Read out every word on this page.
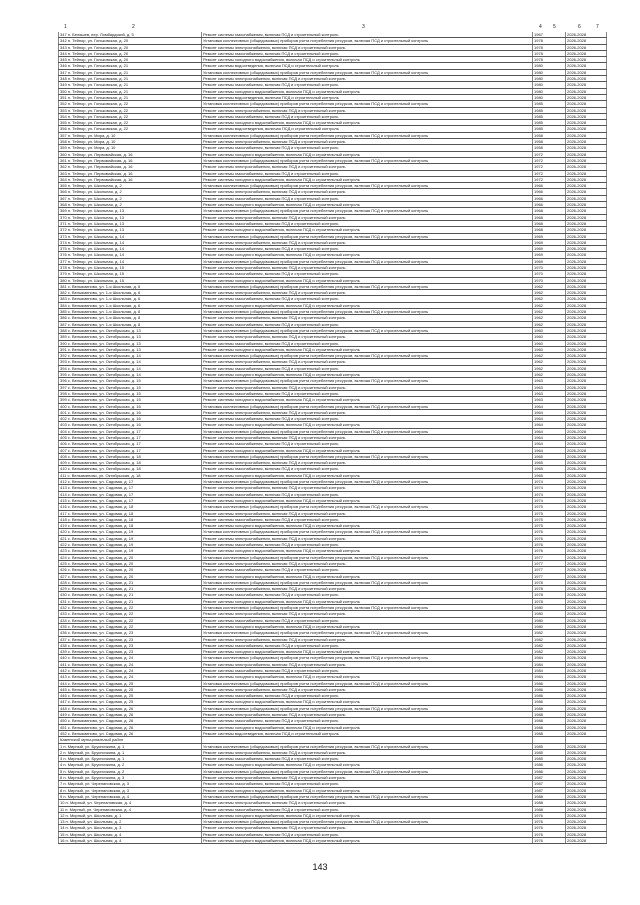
1	2	3	4 5	6	7
347 п. Беляшев, пер. Ломбардский, д. 5	Ремонт системы газоснабжения, включая ПСД и строительный контроль	1967	2026-2028
342 п. Тейпор, ул. Гоньковская, д. 20	Установка коллективных (общедомовых) приборов учета потребления ресурсов, включая ПСД и строительный контроль	1978	2026-2028
343 п. Тейпор, ул. Гоньковская, д. 20	Ремонт системы электроснабжения, включая ПСД и строительный контроль	1978	2026-2028
344 п. Тейпор, ул. Гоньковская, д. 20	Ремонт системы газоснабжения, включая ПСД и строительный контроль	1978	2026-2028
345 п. Тейпор, ул. Гоньковская, д. 20	Ремонт системы холодного водоснабжения, включая ПСД и строительный контроль	1978	2026-2028
346 п. Тейпор, ул. Гоньковская, д. 21	Ремонт системы водоотведения, включая ПСД и строительный контроль	1980	2026-2028
347 п. Тейпор, ул. Гоньковская, д. 21	Установка коллективных (общедомовых) приборов учета потребления ресурсов, включая ПСД и строительный контроль	1980	2026-2028
348 п. Тейпор, ул. Гоньковская, д. 21	Ремонт системы электроснабжения, включая ПСД и строительный контроль	1980	2026-2028
349 п. Тейпор, ул. Гоньковская, д. 21	Ремонт системы газоснабжения, включая ПСД и строительный контроль	1980	2026-2028
350 п. Тейпор, ул. Гоньковская, д. 21	Ремонт системы холодного водоснабжения, включая ПСД и строительный контроль	1980	2026-2028
351 п. Тейпор, ул. Гоньковская, д. 21	Ремонт системы водоотведения, включая ПСД и строительный контроль	1980	2026-2028
352 п. Тейпор, ул. Гоньковская, д. 22	Установка коллективных (общедомовых) приборов учета потребления ресурсов, включая ПСД и строительный контроль	1985	2026-2028
353 п. Тейпор, ул. Гоньковская, д. 22	Ремонт системы электроснабжения, включая ПСД и строительный контроль	1985	2026-2028
354 п. Тейпор, ул. Гоньковская, д. 22	Ремонт системы газоснабжения, включая ПСД и строительный контроль	1985	2026-2028
355 п. Тейпор, ул. Гоньковская, д. 22	Ремонт системы холодного водоснабжения, включая ПСД и строительный контроль	1985	2026-2028
356 п. Тейпор, ул. Гоньковская, д. 22	Ремонт системы водоотведения, включая ПСД и строительный контроль	1985	2026-2028
357 п. Тейпор, ул. Мира, д. 10	Установка коллективных (общедомовых) приборов учета потребления ресурсов, включая ПСД и строительный контроль	1958	2026-2028
358 п. Тейпор, ул. Мира, д. 10	Ремонт системы электроснабжения, включая ПСД и строительный контроль	1958	2026-2028
359 п. Тейпор, ул. Мира, д. 10	Ремонт системы газоснабжения, включая ПСД и строительный контроль	1958	2026-2028
360 п. Тейпор, ул. Первомайская, д. 16	Ремонт системы холодного водоснабжения, включая ПСД и строительный контроль	1972	2026-2028
361 п. Тейпор, ул. Первомайская, д. 16	Установка коллективных (общедомовых) приборов учета потребления ресурсов, включая ПСД и строительный контроль	1972	2026-2028
362 п. Тейпор, ул. Первомайская, д. 16	Ремонт системы электроснабжения, включая ПСД и строительный контроль	1972	2026-2028
363 п. Тейпор, ул. Первомайская, д. 16	Ремонт системы газоснабжения, включая ПСД и строительный контроль	1972	2026-2028
364 п. Тейпор, ул. Первомайская, д. 16	Ремонт системы холодного водоснабжения, включая ПСД и строительный контроль	1972	2026-2028
365 п. Тейпор, ул. Школьная, д. 2	Установка коллективных (общедомовых) приборов учета потребления ресурсов, включая ПСД и строительный контроль	1966	2026-2028
366 п. Тейпор, ул. Школьная, д. 2	Ремонт системы электроснабжения, включая ПСД и строительный контроль	1966	2026-2028
367 п. Тейпор, ул. Школьная, д. 2	Ремонт системы газоснабжения, включая ПСД и строительный контроль	1966	2026-2028
368 п. Тейпор, ул. Школьная, д. 2	Ремонт системы холодного водоснабжения, включая ПСД и строительный контроль	1966	2026-2028
369 п. Тейпор, ул. Школьная, д. 13	Установка коллективных (общедомовых) приборов учета потребления ресурсов, включая ПСД и строительный контроль	1968	2026-2028
370 п. Тейпор, ул. Школьная, д. 13	Ремонт системы электроснабжения, включая ПСД и строительный контроль	1968	2026-2028
371 п. Тейпор, ул. Школьная, д. 13	Ремонт системы газоснабжения, включая ПСД и строительный контроль	1968	2026-2028
372 п. Тейпор, ул. Школьная, д. 13	Ремонт системы холодного водоснабжения, включая ПСД и строительный контроль	1968	2026-2028
373 п. Тейпор, ул. Школьная, д. 14	Установка коллективных (общедомовых) приборов учета потребления ресурсов, включая ПСД и строительный контроль	1969	2026-2028
374 п. Тейпор, ул. Школьная, д. 14	Ремонт системы электроснабжения, включая ПСД и строительный контроль	1969	2026-2028
375 п. Тейпор, ул. Школьная, д. 14	Ремонт системы газоснабжения, включая ПСД и строительный контроль	1969	2026-2028
376 п. Тейпор, ул. Школьная, д. 14	Ремонт системы холодного водоснабжения, включая ПСД и строительный контроль	1969	2026-2028
377 п. Тейпор, ул. Школьная, д. 14	Установка коллективных (общедомовых) приборов учета потребления ресурсов, включая ПСД и строительный контроль	1969	2026-2028
378 п. Тейпор, ул. Школьная, д. 15	Ремонт системы электроснабжения, включая ПСД и строительный контроль	1970	2026-2028
379 п. Тейпор, ул. Школьная, д. 15	Ремонт системы газоснабжения, включая ПСД и строительный контроль	1970	2026-2028
380 п. Тейпор, ул. Школьная, д. 15	Ремонт системы холодного водоснабжения, включая ПСД и строительный контроль	1970	2026-2028
381 с. Вельяминово, ул. 1-я Школьная, д. 6	Установка коллективных (общедомовых) приборов учета потребления ресурсов, включая ПСД и строительный контроль	1962	2026-2028
382 с. Вельяминово, ул. 1-я Школьная, д. 6	Ремонт системы электроснабжения, включая ПСД и строительный контроль	1962	2026-2028
383 с. Вельяминово, ул. 1-я Школьная, д. 6	Ремонт системы газоснабжения, включая ПСД и строительный контроль	1962	2026-2028
384 с. Вельяминово, ул. 1-я Школьная, д. 6	Ремонт системы холодного водоснабжения, включая ПСД и строительный контроль	1962	2026-2028
385 с. Вельяминово, ул. 1-я Школьная, д. 8	Установка коллективных (общедомовых) приборов учета потребления ресурсов, включая ПСД и строительный контроль	1962	2026-2028
386 с. Вельяминово, ул. 1-я Школьная, д. 8	Ремонт системы электроснабжения, включая ПСД и строительный контроль	1962	2026-2028
387 с. Вельяминово, ул. 1-я Школьная, д. 8	Ремонт системы газоснабжения, включая ПСД и строительный контроль	1962	2026-2028
388 с. Вельяминово, ул. Октябрьская, д. 13	Установка коллективных (общедомовых) приборов учета потребления ресурсов, включая ПСД и строительный контроль	1960	2026-2028
389 с. Вельяминово, ул. Октябрьская, д. 13	Ремонт системы электроснабжения, включая ПСД и строительный контроль	1960	2026-2028
390 с. Вельяминово, ул. Октябрьская, д. 13	Ремонт системы газоснабжения, включая ПСД и строительный контроль	1960	2026-2028
391 с. Вельяминово, ул. Октябрьская, д. 13	Ремонт системы холодного водоснабжения, включая ПСД и строительный контроль	1960	2026-2028
392 с. Вельяминово, ул. Октябрьская, д. 14	Установка коллективных (общедомовых) приборов учета потребления ресурсов, включая ПСД и строительный контроль	1962	2026-2028
393 с. Вельяминово, ул. Октябрьская, д. 14	Ремонт системы электроснабжения, включая ПСД и строительный контроль	1962	2026-2028
394 с. Вельяминово, ул. Октябрьская, д. 14	Ремонт системы газоснабжения, включая ПСД и строительный контроль	1962	2026-2028
395 с. Вельяминово, ул. Октябрьская, д. 14	Ремонт системы холодного водоснабжения, включая ПСД и строительный контроль	1962	2026-2028
396 с. Вельяминово, ул. Октябрьская, д. 15	Установка коллективных (общедомовых) приборов учета потребления ресурсов, включая ПСД и строительный контроль	1963	2026-2028
397 с. Вельяминово, ул. Октябрьская, д. 15	Ремонт системы электроснабжения, включая ПСД и строительный контроль	1963	2026-2028
398 с. Вельяминово, ул. Октябрьская, д. 15	Ремонт системы газоснабжения, включая ПСД и строительный контроль	1963	2026-2028
399 с. Вельяминово, ул. Октябрьская, д. 15	Ремонт системы холодного водоснабжения, включая ПСД и строительный контроль	1963	2026-2028
400 с. Вельяминово, ул. Октябрьская, д. 16	Установка коллективных (общедомовых) приборов учета потребления ресурсов, включая ПСД и строительный контроль	1964	2026-2028
401 с. Вельяминово, ул. Октябрьская, д. 16	Ремонт системы электроснабжения, включая ПСД и строительный контроль	1964	2026-2028
402 с. Вельяминово, ул. Октябрьская, д. 16	Ремонт системы газоснабжения, включая ПСД и строительный контроль	1964	2026-2028
403 с. Вельяминово, ул. Октябрьская, д. 16	Ремонт системы холодного водоснабжения, включая ПСД и строительный контроль	1964	2026-2028
404 с. Вельяминово, ул. Октябрьская, д. 17	Установка коллективных (общедомовых) приборов учета потребления ресурсов, включая ПСД и строительный контроль	1964	2026-2028
405 с. Вельяминово, ул. Октябрьская, д. 17	Ремонт системы электроснабжения, включая ПСД и строительный контроль	1964	2026-2028
406 с. Вельяминово, ул. Октябрьская, д. 17	Ремонт системы газоснабжения, включая ПСД и строительный контроль	1964	2026-2028
407 с. Вельяминово, ул. Октябрьская, д. 17	Ремонт системы холодного водоснабжения, включая ПСД и строительный контроль	1964	2026-2028
408 с. Вельяминово, ул. Октябрьская, д. 18	Установка коллективных (общедомовых) приборов учета потребления ресурсов, включая ПСД и строительный контроль	1965	2026-2028
409 с. Вельяминово, ул. Октябрьская, д. 18	Ремонт системы электроснабжения, включая ПСД и строительный контроль	1965	2026-2028
410 с. Вельяминово, ул. Октябрьская, д. 18	Ремонт системы газоснабжения, включая ПСД и строительный контроль	1965	2026-2028
411 с. Вельяминово, ул. Октябрьская, д. 18	Ремонт системы холодного водоснабжения, включая ПСД и строительный контроль	1965	2026-2028
412 с. Вельяминово, ул. Садовая, д. 17	Установка коллективных (общедомовых) приборов учета потребления ресурсов, включая ПСД и строительный контроль	1974	2026-2028
413 с. Вельяминово, ул. Садовая, д. 17	Ремонт системы электроснабжения, включая ПСД и строительный контроль	1974	2026-2028
414 с. Вельяминово, ул. Садовая, д. 17	Ремонт системы газоснабжения, включая ПСД и строительный контроль	1974	2026-2028
415 с. Вельяминово, ул. Садовая, д. 17	Ремонт системы холодного водоснабжения, включая ПСД и строительный контроль	1974	2026-2028
416 с. Вельяминово, ул. Садовая, д. 18	Установка коллективных (общедомовых) приборов учета потребления ресурсов, включая ПСД и строительный контроль	1975	2026-2028
417 с. Вельяминово, ул. Садовая, д. 18	Ремонт системы электроснабжения, включая ПСД и строительный контроль	1975	2026-2028
418 с. Вельяминово, ул. Садовая, д. 18	Ремонт системы газоснабжения, включая ПСД и строительный контроль	1975	2026-2028
419 с. Вельяминово, ул. Садовая, д. 18	Ремонт системы холодного водоснабжения, включая ПСД и строительный контроль	1975	2026-2028
420 с. Вельяминово, ул. Садовая, д. 19	Установка коллективных (общедомовых) приборов учета потребления ресурсов, включая ПСД и строительный контроль	1976	2026-2028
421 с. Вельяминово, ул. Садовая, д. 19	Ремонт системы электроснабжения, включая ПСД и строительный контроль	1976	2026-2028
422 с. Вельяминово, ул. Садовая, д. 19	Ремонт системы газоснабжения, включая ПСД и строительный контроль	1976	2026-2028
423 с. Вельяминово, ул. Садовая, д. 19	Ремонт системы холодного водоснабжения, включая ПСД и строительный контроль	1976	2026-2028
424 с. Вельяминово, ул. Садовая, д. 20	Установка коллективных (общедомовых) приборов учета потребления ресурсов, включая ПСД и строительный контроль	1977	2026-2028
425 с. Вельяминово, ул. Садовая, д. 20	Ремонт системы электроснабжения, включая ПСД и строительный контроль	1977	2026-2028
426 с. Вельяминово, ул. Садовая, д. 20	Ремонт системы газоснабжения, включая ПСД и строительный контроль	1977	2026-2028
427 с. Вельяминово, ул. Садовая, д. 20	Ремонт системы холодного водоснабжения, включая ПСД и строительный контроль	1977	2026-2028
428 с. Вельяминово, ул. Садовая, д. 21	Установка коллективных (общедомовых) приборов учета потребления ресурсов, включая ПСД и строительный контроль	1978	2026-2028
429 с. Вельяминово, ул. Садовая, д. 21	Ремонт системы электроснабжения, включая ПСД и строительный контроль	1978	2026-2028
430 с. Вельяминово, ул. Садовая, д. 21	Ремонт системы газоснабжения, включая ПСД и строительный контроль	1978	2026-2028
431 с. Вельяминово, ул. Садовая, д. 21	Ремонт системы холодного водоснабжения, включая ПСД и строительный контроль	1978	2026-2028
432 с. Вельяминово, ул. Садовая, д. 22	Установка коллективных (общедомовых) приборов учета потребления ресурсов, включая ПСД и строительный контроль	1980	2026-2028
433 с. Вельяминово, ул. Садовая, д. 22	Ремонт системы электроснабжения, включая ПСД и строительный контроль	1980	2026-2028
434 с. Вельяминово, ул. Садовая, д. 22	Ремонт системы газоснабжения, включая ПСД и строительный контроль	1980	2026-2028
435 с. Вельяминово, ул. Садовая, д. 22	Ремонт системы холодного водоснабжения, включая ПСД и строительный контроль	1980	2026-2028
436 с. Вельяминово, ул. Садовая, д. 23	Установка коллективных (общедомовых) приборов учета потребления ресурсов, включая ПСД и строительный контроль	1982	2026-2028
437 с. Вельяминово, ул. Садовая, д. 23	Ремонт системы электроснабжения, включая ПСД и строительный контроль	1982	2026-2028
438 с. Вельяминово, ул. Садовая, д. 23	Ремонт системы газоснабжения, включая ПСД и строительный контроль	1982	2026-2028
439 с. Вельяминово, ул. Садовая, д. 23	Ремонт системы холодного водоснабжения, включая ПСД и строительный контроль	1982	2026-2028
440 с. Вельяминово, ул. Садовая, д. 24	Установка коллективных (общедомовых) приборов учета потребления ресурсов, включая ПСД и строительный контроль	1984	2026-2028
441 с. Вельяминово, ул. Садовая, д. 24	Ремонт системы электроснабжения, включая ПСД и строительный контроль	1984	2026-2028
442 с. Вельяминово, ул. Садовая, д. 24	Ремонт системы газоснабжения, включая ПСД и строительный контроль	1984	2026-2028
443 с. Вельяминово, ул. Садовая, д. 24	Ремонт системы холодного водоснабжения, включая ПСД и строительный контроль	1984	2026-2028
444 с. Вельяминово, ул. Садовая, д. 25	Установка коллективных (общедомовых) приборов учета потребления ресурсов, включая ПСД и строительный контроль	1986	2026-2028
445 с. Вельяминово, ул. Садовая, д. 25	Ремонт системы электроснабжения, включая ПСД и строительный контроль	1986	2026-2028
446 с. Вельяминово, ул. Садовая, д. 25	Ремонт системы газоснабжения, включая ПСД и строительный контроль	1986	2026-2028
447 с. Вельяминово, ул. Садовая, д. 25	Ремонт системы холодного водоснабжения, включая ПСД и строительный контроль	1986	2026-2028
448 с. Вельяминово, ул. Садовая, д. 26	Установка коллективных (общедомовых) приборов учета потребления ресурсов, включая ПСД и строительный контроль	1988	2026-2028
449 с. Вельяминово, ул. Садовая, д. 26	Ремонт системы электроснабжения, включая ПСД и строительный контроль	1988	2026-2028
450 с. Вельяминово, ул. Садовая, д. 26	Ремонт системы газоснабжения, включая ПСД и строительный контроль	1988	2026-2028
451 с. Вельяминово, ул. Садовая, д. 26	Ремонт системы холодного водоснабжения, включая ПСД и строительный контроль	1988	2026-2028
452 с. Вельяминово, ул. Садовая, д. 26	Ремонт системы водоотведения, включая ПСД и строительный контроль	1988	2026-2028
Каменский муниципальный район			
1 п. Мирный, ул. Брусничкина, д. 1	Установка коллективных (общедомовых) приборов учета потребления ресурсов, включая ПСД и строительный контроль	1985	2026-2028
2 п. Мирный, ул. Брусничкина, д. 1	Ремонт системы электроснабжения, включая ПСД и строительный контроль	1985	2026-2028
3 п. Мирный, ул. Брусничкина, д. 1	Ремонт системы газоснабжения, включая ПСД и строительный контроль	1985	2026-2028
4 п. Мирный, ул. Брусничкина, д. 2	Ремонт системы холодного водоснабжения, включая ПСД и строительный контроль	1986	2026-2028
5 п. Мирный, ул. Брусничкина, д. 2	Установка коллективных (общедомовых) приборов учета потребления ресурсов, включая ПСД и строительный контроль	1986	2026-2028
6 п. Мирный, ул. Брусничкина, д. 3	Ремонт системы электроснабжения, включая ПСД и строительный контроль	1987	2026-2028
7 п. Мирный, ул. Черепановская, д. 3	Ремонт системы газоснабжения, включая ПСД и строительный контроль	1987	2026-2028
8 п. Мирный, ул. Черепановская, д. 3	Ремонт системы холодного водоснабжения, включая ПСД и строительный контроль	1987	2026-2028
9 п. Мирный, ул. Черепановская, д. 4	Установка коллективных (общедомовых) приборов учета потребления ресурсов, включая ПСД и строительный контроль	1988	2026-2028
10 п. Мирный, ул. Черепановская, д. 4	Ремонт системы электроснабжения, включая ПСД и строительный контроль	1988	2026-2028
11 п. Мирный, ул. Черепановская, д. 4	Ремонт системы газоснабжения, включая ПСД и строительный контроль	1988	2026-2028
12 п. Мирный, ул. Школьная, д. 1	Ремонт системы холодного водоснабжения, включая ПСД и строительный контроль	1976	2026-2028
13 п. Мирный, ул. Школьная, д. 2	Установка коллективных (общедомовых) приборов учета потребления ресурсов, включая ПСД и строительный контроль	1976	2026-2028
14 п. Мирный, ул. Школьная, д. 3	Ремонт системы электроснабжения, включая ПСД и строительный контроль	1976	2026-2028
15 п. Мирный, ул. Школьная, д. 4	Ремонт системы газоснабжения, включая ПСД и строительный контроль	1976	2026-2028
16 п. Мирный, ул. Школьная, д. 4	Ремонт системы холодного водоснабжения, включая ПСД и строительный контроль	1976	2026-2028
143
